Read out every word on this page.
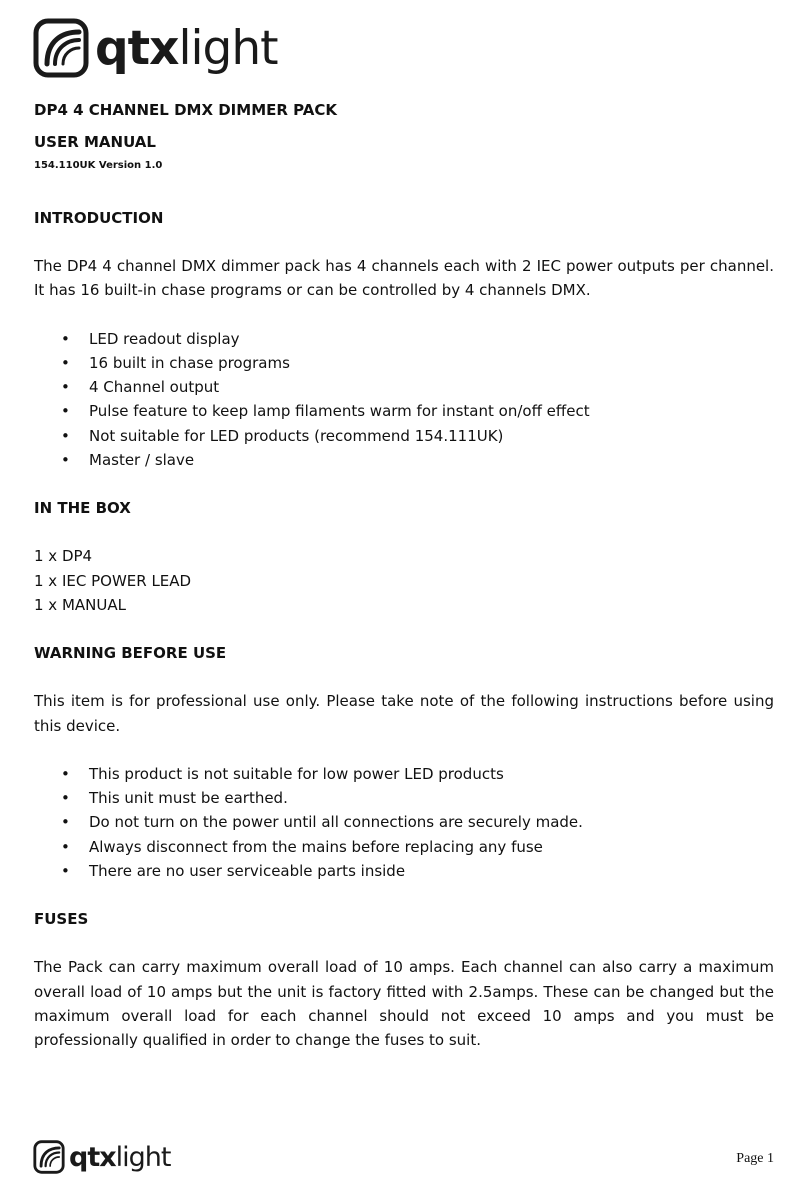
qtxlight
DP4 4 CHANNEL DMX DIMMER PACK
USER MANUAL
154.110UK Version 1.0
INTRODUCTION
The DP4 4 channel DMX dimmer pack has 4 channels each with 2 IEC power outputs per channel. It has 16 built-in chase programs or can be controlled by 4 channels DMX.
• LED readout display
• 16 built in chase programs
• 4 Channel output
• Pulse feature to keep lamp filaments warm for instant on/off effect
• Not suitable for LED products (recommend 154.111UK)
• Master / slave
IN THE BOX
1 x DP4
1 x IEC POWER LEAD
1 x MANUAL
WARNING BEFORE USE
This item is for professional use only. Please take note of the following instructions before using this device.
• This product is not suitable for low power LED products
• This unit must be earthed.
• Do not turn on the power until all connections are securely made.
• Always disconnect from the mains before replacing any fuse
• There are no user serviceable parts inside
FUSES
The Pack can carry maximum overall load of 10 amps. Each channel can also carry a maximum overall load of 10 amps but the unit is factory fitted with 2.5amps. These can be changed but the maximum overall load for each channel should not exceed 10 amps and you must be professionally qualified in order to change the fuses to suit.
qtxlight	Page 1
